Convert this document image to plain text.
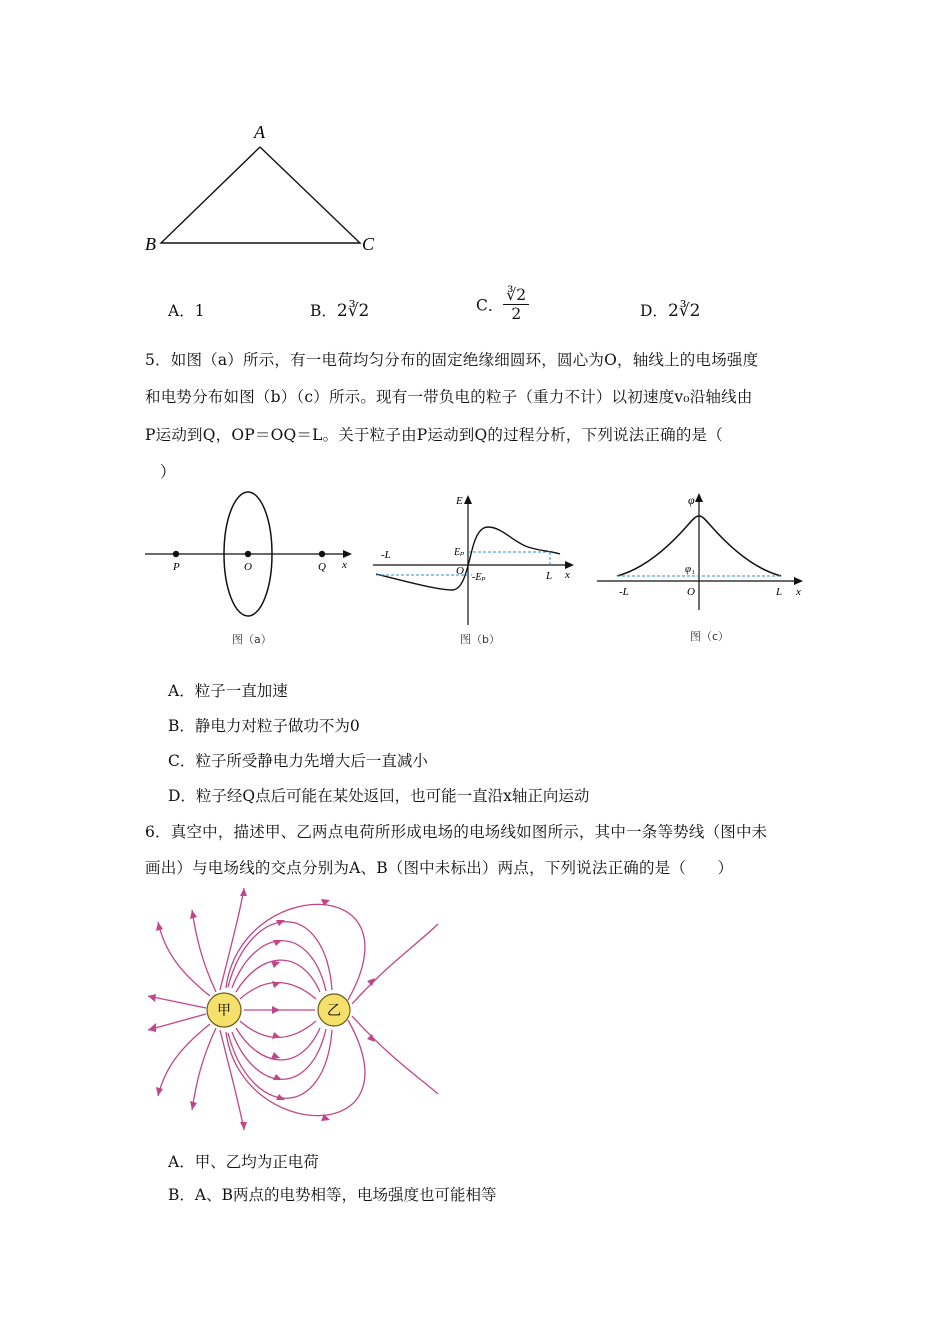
A
B	C
A．1	B．2∛2	C． $\frac{∛2}{2}$	D．2∛2
5．如图（a）所示，有一电荷均匀分布的固定绝缘细圆环，圆心为O，轴线上的电场强度
和电势分布如图（b）（c）所示。现有一带负电的粒子（重力不计）以初速度v₀沿轴线由
P运动到Q，OP＝OQ＝L。关于粒子由P运动到Q的过程分析，下列说法正确的是（
）
P	O	Q x
图（a）
E
-L	Eₚ
O
-Eₚ	L x
图（b）
φ
φ₁
-L	O	L x
图（c）
A．粒子一直加速
B．静电力对粒子做功不为0
C．粒子所受静电力先增大后一直减小
D．粒子经Q点后可能在某处返回，也可能一直沿x轴正向运动
6．真空中，描述甲、乙两点电荷所形成电场的电场线如图所示，其中一条等势线（图中未
画出）与电场线的交点分别为A、B（图中未标出）两点，下列说法正确的是（　　）
甲	乙
A．甲、乙均为正电荷
B．A、B两点的电势相等，电场强度也可能相等
